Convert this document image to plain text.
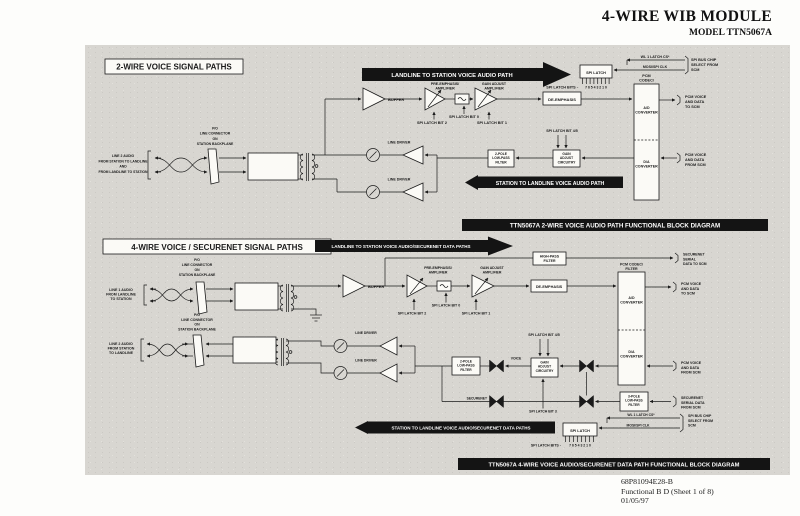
4-WIRE WIB MODULE
MODEL TTN5067A
2-WIRE VOICE SIGNAL PATHS
LANDLINE TO STATION VOICE AUDIO PATH
STATION TO LANDLINE VOICE AUDIO PATH
TTN5067A 2-WIRE VOICE AUDIO PATH FUNCTIONAL BLOCK DIAGRAM
LINE 2 AUDIO FROM STATION TO LANDLINE AND FROM LANDLINE TO STATION
P/O LINE CONNECTOR ON STATION BACKPLANE
BUFFER
PRE-EMPHASIS/ AMPLIFIER
GAIN ADJUST AMPLIFIER
SPI LATCH BIT 2
SPI LATCH BIT 0
SPI LATCH BIT 1
DE-EMPHASIS
SPI LATCH
7 6 5 4 3 2 1 0
SPI LATCH BITS -
WL 1 LATCH CS*
MOSI/SPI CLK
SPI BUS CHIP SELECT FROM SCM
PCM CODEC/
A/D CONVERTER
D/A CONVERTER
PCM VOICE AND DATA TO SCM
PCM VOICE AND DATA FROM SCM
GAIN ADJUST CIRCUITRY
SPI LATCH BIT 4/5
2-POLE LOW-PASS FILTER
LINE DRIVER
LINE DRIVER
4-WIRE VOICE / SECURENET SIGNAL PATHS	LANDLINE TO STATION VOICE AUDIO/SECURENET DATA PATHS
STATION TO LANDLINE VOICE AUDIO/SECURENET DATA PATHS
TTN5067A 4-WIRE VOICE AUDIO/SECURENET DATA PATH FUNCTIONAL BLOCK DIAGRAM
P/O LINE CONNECTOR ON STATION BACKPLANE
LINE 1 AUDIO FROM LANDLINE TO STATION
BUFFER
HIGH-PASS FILTER
SECURENET SERIAL DATA TO SCM
PRE-EMPHASIS/ AMPLIFIER
GAIN ADJUST AMPLIFIER
SPI LATCH BIT 2
SPI LATCH BIT 0
SPI LATCH BIT 1
DE-EMPHASIS
PCM CODEC/ FILTER
A/D CONVERTER
D/A CONVERTER
PCM VOICE AND DATA TO SCM
PCM VOICE AND DATA FROM SCM
SECURENET SERIAL DATA FROM SCM
VOICE
SECURENET
GAIN ADJUST CIRCUITRY
SPI LATCH BIT 4/5
2-POLE LOW-PASS FILTER
3-POLE LOW-PASS FILTER
SPI LATCH BIT 3
LINE DRIVER
LINE DRIVER
P/O LINE CONNECTOR ON STATION BACKPLANE
LINE 2 AUDIO FROM STATION TO LANDLINE
SPI LATCH
7 6 5 4 3 2 1 0
SPI LATCH BITS -
WL 1 LATCH CS*
MOSI/SPI CLK
SPI BUS CHIP SELECT FROM SCM
68P81094E28-B
Functional B D (Sheet 1 of 8)
01/05/97
